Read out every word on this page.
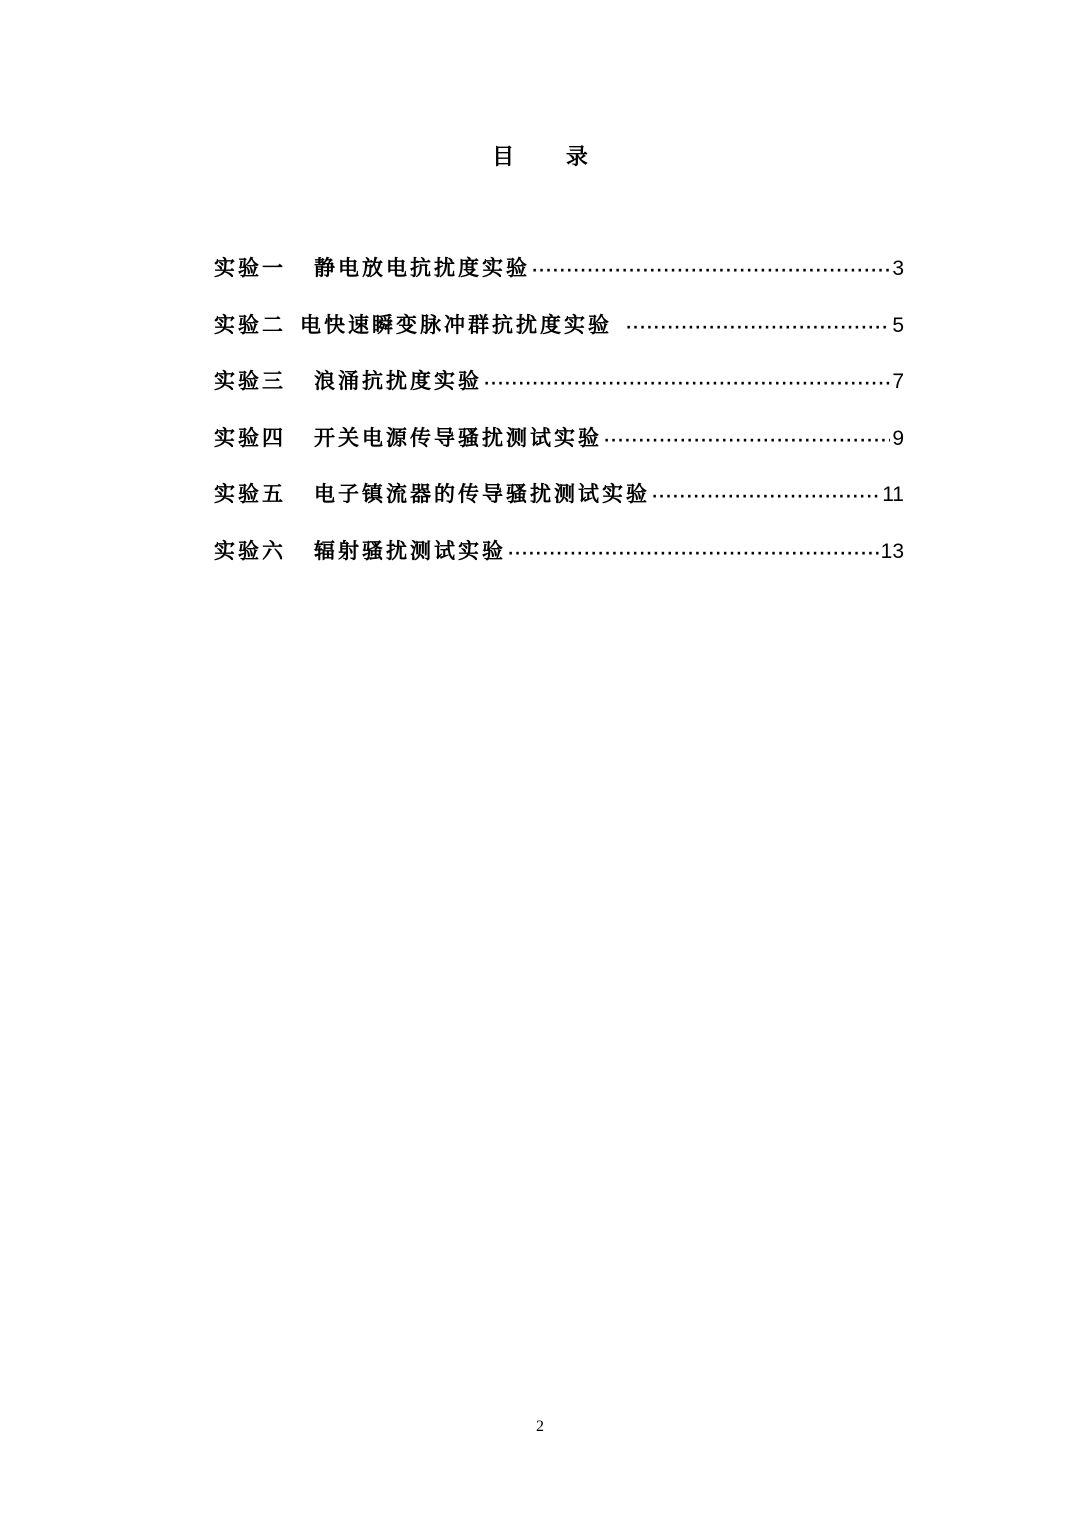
目 录
实验一 静电放电抗扰度实验 ·····	3
实验二 电快速瞬变脉冲群抗扰度实验 ·····	5
实验三 浪涌抗扰度实验 ·····	7
实验四 开关电源传导骚扰测试实验 ·····	9
实验五 电子镇流器的传导骚扰测试实验 ·····	11
实验六 辐射骚扰测试实验 ·····	13
2
